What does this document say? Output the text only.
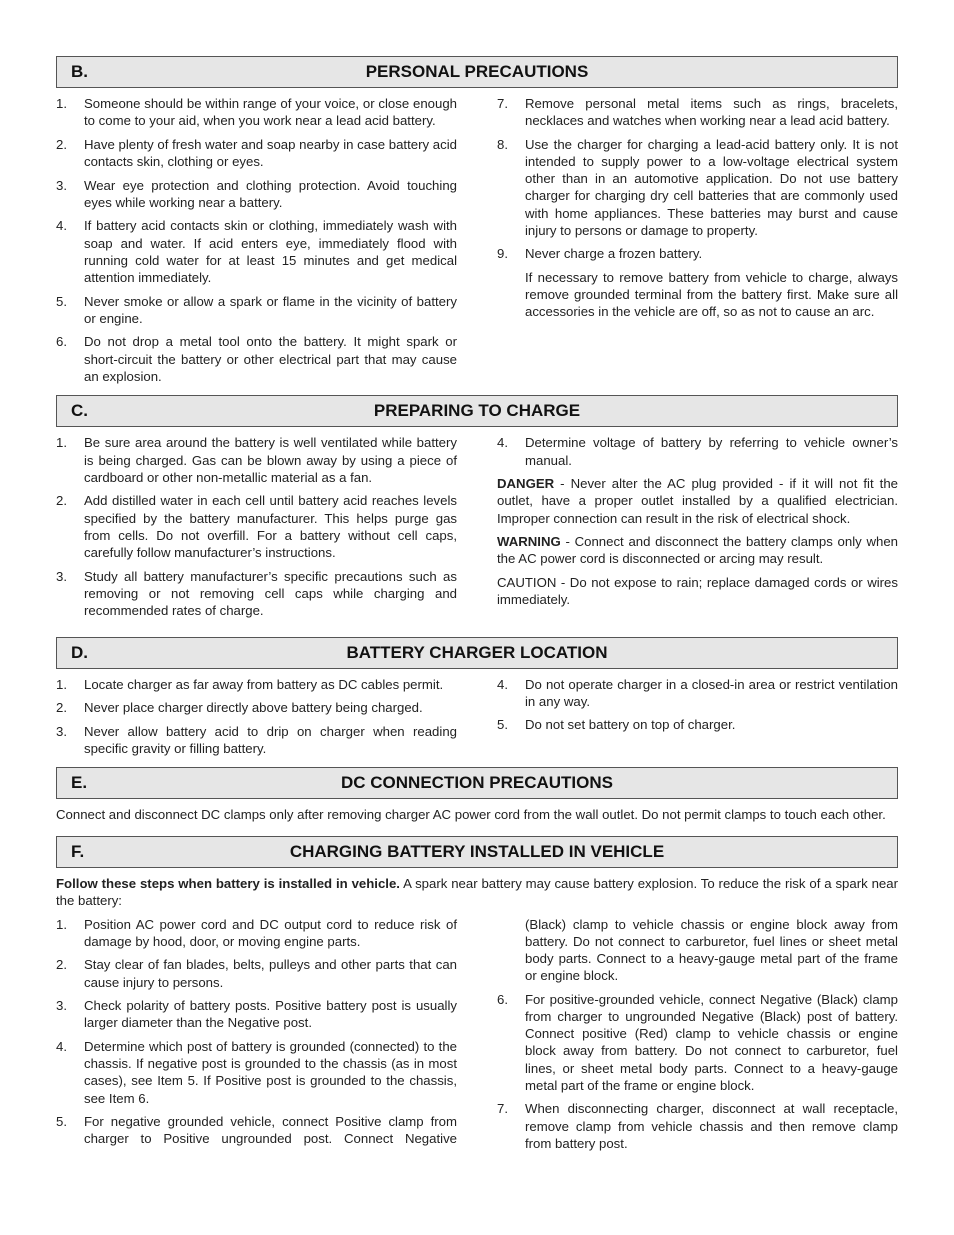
B.	PERSONAL PRECAUTIONS
1. Someone should be within range of your voice, or close enough to come to your aid, when you work near a lead acid battery.
2. Have plenty of fresh water and soap nearby in case battery acid contacts skin, clothing or eyes.
3. Wear eye protection and clothing protection. Avoid touching eyes while working near a battery.
4. If battery acid contacts skin or clothing, immediately wash with soap and water. If acid enters eye, immediately flood with running cold water for at least 15 minutes and get medical attention immediately.
5. Never smoke or allow a spark or flame in the vicinity of battery or engine.
6. Do not drop a metal tool onto the battery. It might spark or short-circuit the battery or other electrical part that may cause an explosion.
7. Remove personal metal items such as rings, bracelets, necklaces and watches when working near a lead acid battery.
8. Use the charger for charging a lead-acid battery only. It is not intended to supply power to a low-voltage electrical system other than in an automotive application. Do not use battery charger for charging dry cell batteries that are commonly used with home appliances. These batteries may burst and cause injury to persons or damage to property.
9. Never charge a frozen battery.

If necessary to remove battery from vehicle to charge, always remove grounded terminal from the battery first. Make sure all accessories in the vehicle are off, so as not to cause an arc.

C.	PREPARING TO CHARGE
1. Be sure area around the battery is well ventilated while battery is being charged. Gas can be blown away by using a piece of cardboard or other non-metallic material as a fan.
2. Add distilled water in each cell until battery acid reaches levels specified by the battery manufacturer. This helps purge gas from cells. Do not overfill. For a battery without cell caps, carefully follow manufacturer’s instructions.
3. Study all battery manufacturer’s specific precautions such as removing or not removing cell caps while charging and recommended rates of charge.
4. Determine voltage of battery by referring to vehicle owner’s manual.

DANGER - Never alter the AC plug provided - if it will not fit the outlet, have a proper outlet installed by a qualified electrician. Improper connection can result in the risk of electrical shock.

WARNING - Connect and disconnect the battery clamps only when the AC power cord is disconnected or arcing may result.

CAUTION - Do not expose to rain; replace damaged cords or wires immediately.

D.	BATTERY CHARGER LOCATION
1. Locate charger as far away from battery as DC cables permit.
2. Never place charger directly above battery being charged.
3. Never allow battery acid to drip on charger when reading specific gravity or filling battery.
4. Do not operate charger in a closed-in area or restrict ventilation in any way.
5. Do not set battery on top of charger.
E.	DC CONNECTION PRECAUTIONS

Connect and disconnect DC clamps only after removing charger AC power cord from the wall outlet. Do not permit clamps to touch each other.

F.	CHARGING BATTERY INSTALLED IN VEHICLE

Follow these steps when battery is installed in vehicle. A spark near battery may cause battery explosion. To reduce the risk of a spark near the battery:

1. Position AC power cord and DC output cord to reduce risk of damage by hood, door, or moving engine parts.
2. Stay clear of fan blades, belts, pulleys and other parts that can cause injury to persons.
3. Check polarity of battery posts. Positive battery post is usually larger diameter than the Negative post.
4. Determine which post of battery is grounded (connected) to the chassis. If negative post is grounded to the chassis (as in most cases), see Item 5. If Positive post is grounded to the chassis, see Item 6.
5. For negative grounded vehicle, connect Positive clamp from charger to Positive ungrounded post. Connect Negative

(Black) clamp to vehicle chassis or engine block away from battery. Do not connect to carburetor, fuel lines or sheet metal body parts. Connect to a heavy-gauge metal part of the frame or engine block.

6. For positive-grounded vehicle, connect Negative (Black) clamp from charger to ungrounded Negative (Black) post of battery. Connect positive (Red) clamp to vehicle chassis or engine block away from battery. Do not connect to carburetor, fuel lines, or sheet metal body parts. Connect to a heavy-gauge metal part of the frame or engine block.
7. When disconnecting charger, disconnect at wall receptacle, remove clamp from vehicle chassis and then remove clamp from battery post.
